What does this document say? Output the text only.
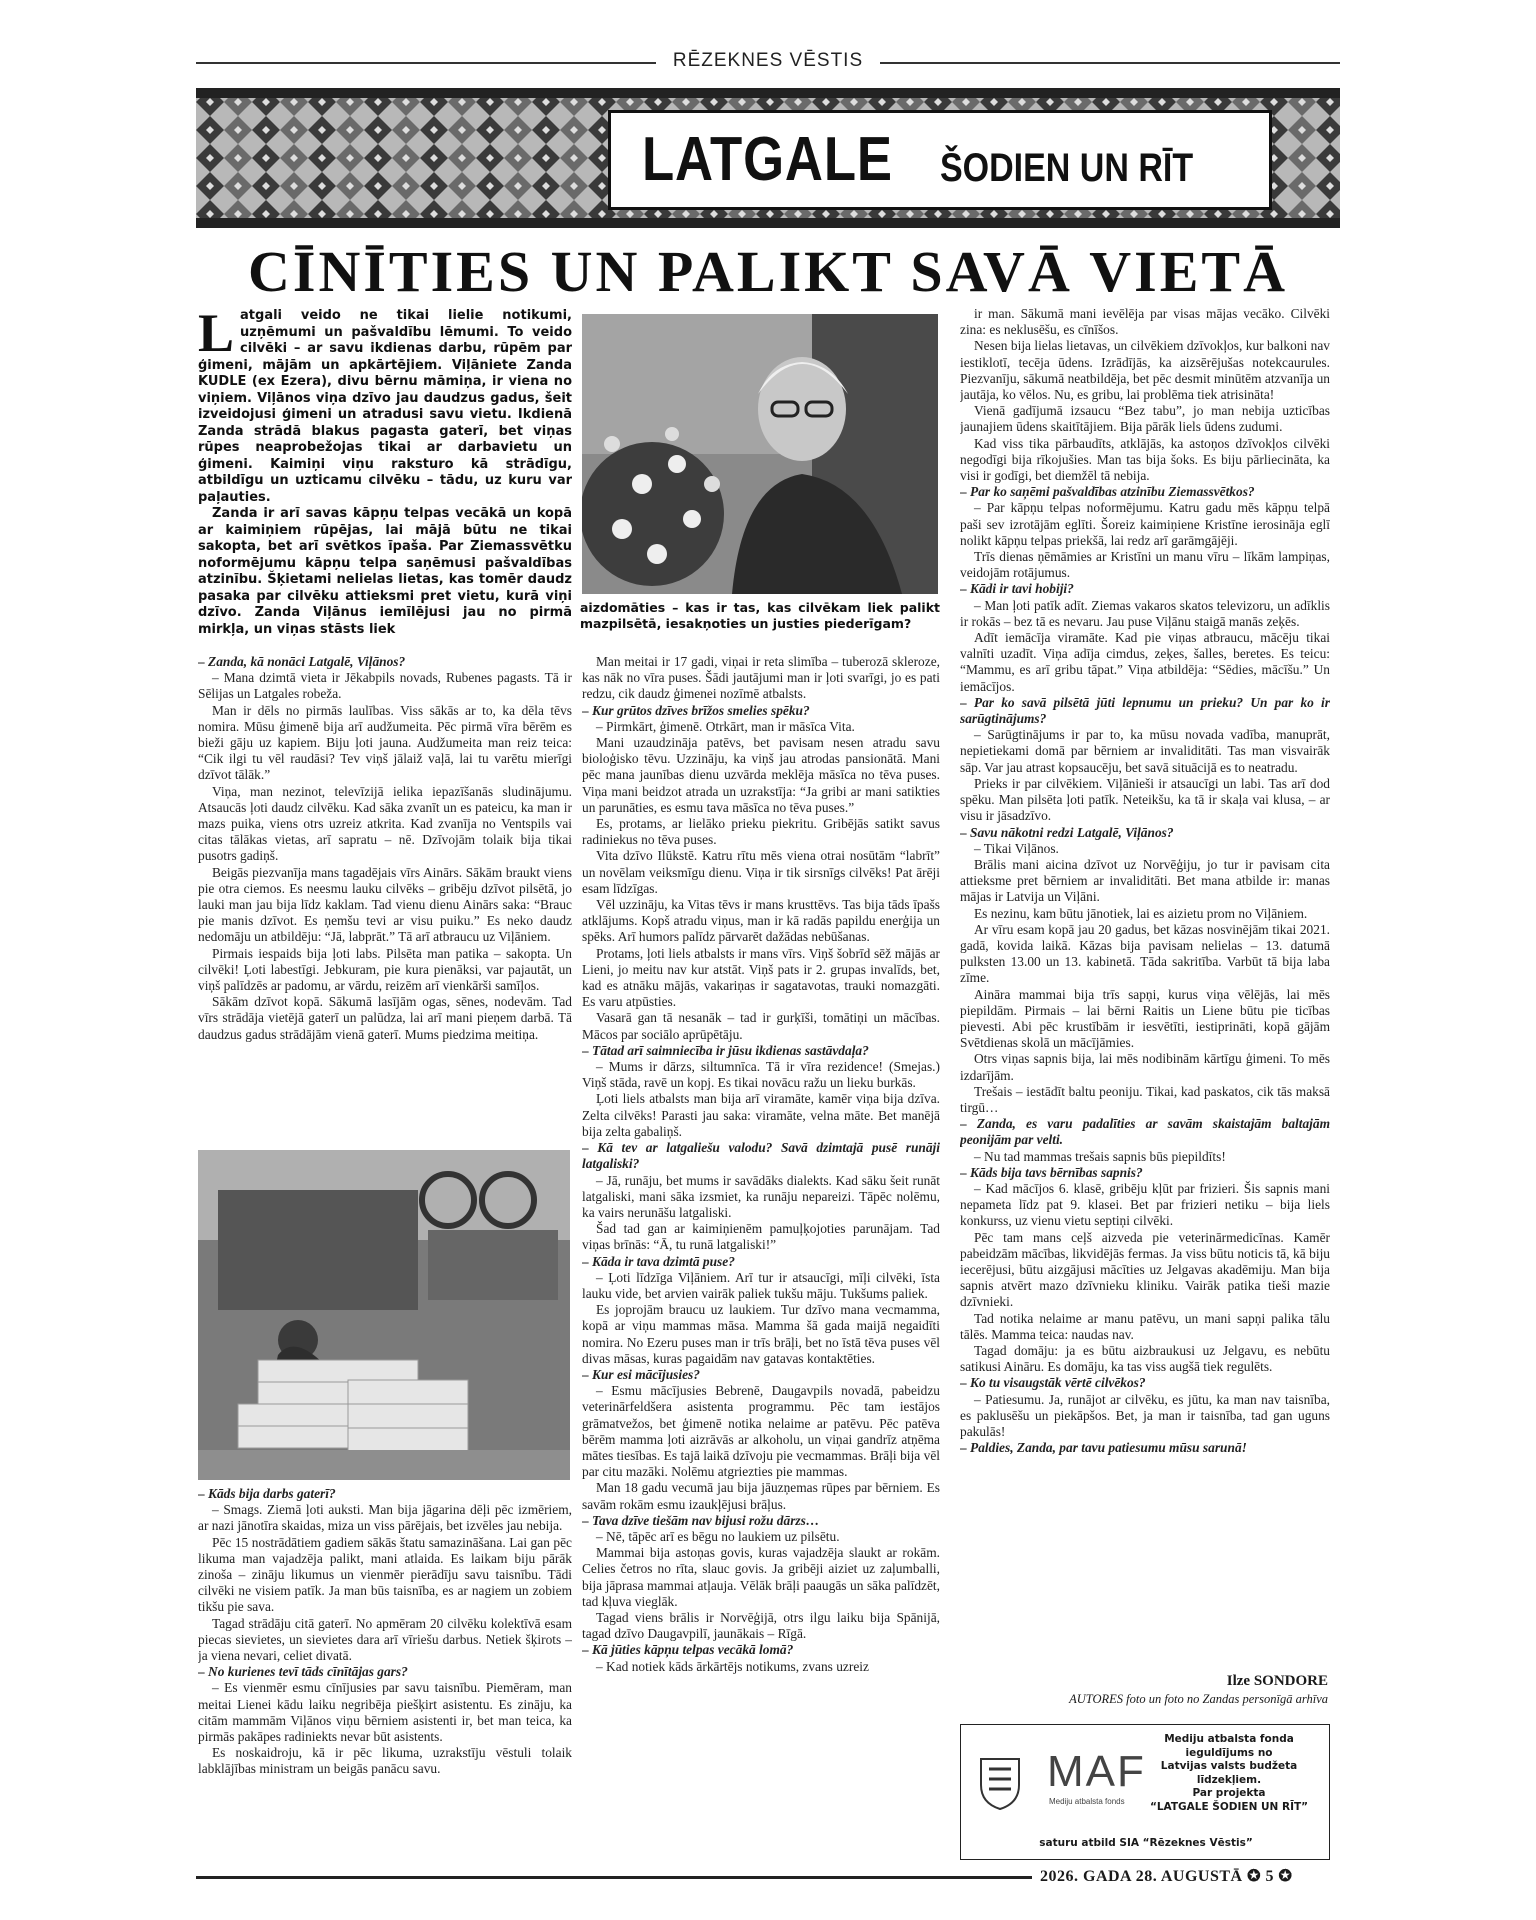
RĒZEKNES VĒSTIS
LATGALE ŠODIEN UN RĪT
CĪNĪTIES UN PALIKT SAVĀ VIETĀ

Latgali veido ne tikai lielie notikumi, uzņēmumi un pašvaldību lēmumi. To veido cilvēki – ar savu ikdienas darbu, rūpēm par ģimeni, mājām un apkārtējiem. Viļāniete Zanda KUDLE (ex Ezera), divu bērnu māmiņa, ir viena no viņiem. Viļānos viņa dzīvo jau daudzus gadus, šeit izveidojusi ģimeni un atradusi savu vietu. Ikdienā Zanda strādā blakus pagasta gaterī, bet viņas rūpes neaprobežojas tikai ar darbavietu un ģimeni. Kaimiņi viņu raksturo kā strādīgu, atbildīgu un uzticamu cilvēku – tādu, uz kuru var paļauties.

Zanda ir arī savas kāpņu telpas vecākā un kopā ar kaimiņiem rūpējas, lai mājā būtu ne tikai sakopta, bet arī svētkos īpaša. Par Ziemassvētku noformējumu kāpņu telpa saņēmusi pašvaldības atzinību. Šķietami nelielas lietas, kas tomēr daudz pasaka par cilvēku attieksmi pret vietu, kurā viņi dzīvo. Zanda Viļānus iemīlējusi jau no pirmā mirkļa, un viņas stāsts liek

aizdomāties – kas ir tas, kas cilvēkam liek palikt mazpilsētā, iesakņoties un justies piederīgam?

– Zanda, kā nonāci Latgalē, Viļānos?

– Mana dzimtā vieta ir Jēkabpils novads, Rubenes pagasts. Tā ir Sēlijas un Latgales robeža.

Man ir dēls no pirmās laulības. Viss sākās ar to, ka dēla tēvs nomira. Mūsu ģimenē bija arī audžumeita. Pēc pirmā vīra bērēm es bieži gāju uz kapiem. Biju ļoti jauna. Audžumeita man reiz teica: “Cik ilgi tu vēl raudāsi? Tev viņš jālaiž vaļā, lai tu varētu mierīgi dzīvot tālāk.”

Viņa, man nezinot, televīzijā ielika iepazīšanās sludinājumu. Atsaucās ļoti daudz cilvēku. Kad sāka zvanīt un es pateicu, ka man ir mazs puika, viens otrs uzreiz atkrita. Kad zvanīja no Ventspils vai citas tālākas vietas, arī sapratu – nē. Dzīvojām tolaik bija tikai pusotrs gadiņš.

Beigās piezvanīja mans tagadējais vīrs Ainārs. Sākām braukt viens pie otra ciemos. Es neesmu lauku cilvēks – gribēju dzīvot pilsētā, jo lauki man jau bija līdz kaklam. Tad vienu dienu Ainārs saka: “Brauc pie manis dzīvot. Es ņemšu tevi ar visu puiku.” Es neko daudz nedomāju un atbildēju: “Jā, labprāt.” Tā arī atbraucu uz Viļāniem.

Pirmais iespaids bija ļoti labs. Pilsēta man patika – sakopta. Un cilvēki! Ļoti labestīgi. Jebkuram, pie kura pienāksi, var pajautāt, un viņš palīdzēs ar padomu, ar vārdu, reizēm arī vienkārši samīļos.

Sākām dzīvot kopā. Sākumā lasījām ogas, sēnes, nodevām. Tad vīrs strādāja vietējā gaterī un palūdza, lai arī mani pieņem darbā. Tā daudzus gadus strādājām vienā gaterī. Mums piedzima meitiņa.

– Kāds bija darbs gaterī?

– Smags. Ziemā ļoti auksti. Man bija jāgarina dēļi pēc izmēriem, ar nazi jānotīra skaidas, miza un viss pārējais, bet izvēles jau nebija.

Pēc 15 nostrādātiem gadiem sākās štatu samazināšana. Lai gan pēc likuma man vajadzēja palikt, mani atlaida. Es laikam biju pārāk zinoša – zināju likumus un vienmēr pierādīju savu taisnību. Tādi cilvēki ne visiem patīk. Ja man būs taisnība, es ar nagiem un zobiem tikšu pie sava.

Tagad strādāju citā gaterī. No apmēram 20 cilvēku kolektīvā esam piecas sievietes, un sievietes dara arī vīriešu darbus. Netiek šķirots – ja viena nevari, celiet divatā.

– No kurienes tevī tāds cīnītājas gars?

– Es vienmēr esmu cīnījusies par savu taisnību. Piemēram, man meitai Lienei kādu laiku negribēja piešķirt asistentu. Es zināju, ka citām mammām Viļānos viņu bērniem asistenti ir, bet man teica, ka pirmās pakāpes radiniekts nevar būt asistents.

Es noskaidroju, kā ir pēc likuma, uzrakstīju vēstuli tolaik labklājības ministram un beigās panācu savu.

Man meitai ir 17 gadi, viņai ir reta slimība – tuberozā skleroze, kas nāk no vīra puses. Šādi jautājumi man ir ļoti svarīgi, jo es pati redzu, cik daudz ģimenei nozīmē atbalsts.

– Kur grūtos dzīves brīžos smelies spēku?

– Pirmkārt, ģimenē. Otrkārt, man ir māsīca Vita.

Mani uzaudzināja patēvs, bet pavisam nesen atradu savu bioloģisko tēvu. Uzzināju, ka viņš jau atrodas pansionātā. Mani pēc mana jaunības dienu uzvārda meklēja māsīca no tēva puses. Viņa mani beidzot atrada un uzrakstīja: “Ja gribi ar mani satikties un parunāties, es esmu tava māsīca no tēva puses.”

Es, protams, ar lielāko prieku piekritu. Gribējās satikt savus radiniekus no tēva puses.

Vita dzīvo Ilūkstē. Katru rītu mēs viena otrai nosūtām “labrīt” un novēlam veiksmīgu dienu. Viņa ir tik sirsnīgs cilvēks! Pat ārēji esam līdzīgas.

Vēl uzzināju, ka Vitas tēvs ir mans krusttēvs. Tas bija tāds īpašs atklājums. Kopš atradu viņus, man ir kā radās papildu enerģija un spēks. Arī humors palīdz pārvarēt dažādas nebūšanas.

Protams, ļoti liels atbalsts ir mans vīrs. Viņš šobrīd sēž mājās ar Lieni, jo meitu nav kur atstāt. Viņš pats ir 2. grupas invalīds, bet, kad es atnāku mājās, vakariņas ir sagatavotas, trauki nomazgāti. Es varu atpūsties.

Vasarā gan tā nesanāk – tad ir gurķīši, tomātiņi un mācības. Mācos par sociālo aprūpētāju.

– Tātad arī saimniecība ir jūsu ikdienas sastāvdaļa?

– Mums ir dārzs, siltumnīca. Tā ir vīra rezidence! (Smejas.) Viņš stāda, ravē un kopj. Es tikai novācu ražu un lieku burkās.

Ļoti liels atbalsts man bija arī viramāte, kamēr viņa bija dzīva. Zelta cilvēks! Parasti jau saka: viramāte, velna māte. Bet manējā bija zelta gabaliņš.

– Kā tev ar latgaliešu valodu? Savā dzimtajā pusē runāji latgaliski?

– Jā, runāju, bet mums ir savādāks dialekts. Kad sāku šeit runāt latgaliski, mani sāka izsmiet, ka runāju nepareizi. Tāpēc nolēmu, ka vairs nerunāšu latgaliski.

Šad tad gan ar kaimiņienēm pamuļķojoties parunājam. Tad viņas brīnās: “Ā, tu runā latgaliski!”

– Kāda ir tava dzimtā puse?

– Ļoti līdzīga Viļāniem. Arī tur ir atsaucīgi, mīļi cilvēki, īsta lauku vide, bet arvien vairāk paliek tukšu māju. Tukšums paliek.

Es joprojām braucu uz laukiem. Tur dzīvo mana vecmamma, kopā ar viņu mammas māsa. Mamma šā gada maijā negaidīti nomira. No Ezeru puses man ir trīs brāļi, bet no īstā tēva puses vēl divas māsas, kuras pagaidām nav gatavas kontaktēties.

– Kur esi mācījusies?

– Esmu mācījusies Bebrenē, Daugavpils novadā, pabeidzu veterinārfeldšera asistenta programmu. Pēc tam iestājos grāmatvežos, bet ģimenē notika nelaime ar patēvu. Pēc patēva bērēm mamma ļoti aizrāvās ar alkoholu, un viņai gandrīz atņēma mātes tiesības. Es tajā laikā dzīvoju pie vecmammas. Brāļi bija vēl par citu mazāki. Nolēmu atgriezties pie mammas.

Man 18 gadu vecumā jau bija jāuzņemas rūpes par bērniem. Es savām rokām esmu izaukļējusi brāļus.

– Tava dzīve tiešām nav bijusi rožu dārzs…

– Nē, tāpēc arī es bēgu no laukiem uz pilsētu.

Mammai bija astoņas govis, kuras vajadzēja slaukt ar rokām. Celies četros no rīta, slauc govis. Ja gribēji aiziet uz zaļumballi, bija jāprasa mammai atļauja. Vēlāk brāļi paaugās un sāka palīdzēt, tad kļuva vieglāk.

Tagad viens brālis ir Norvēģijā, otrs ilgu laiku bija Spānijā, tagad dzīvo Daugavpilī, jaunākais – Rīgā.

– Kā jūties kāpņu telpas vecākā lomā?

– Kad notiek kāds ārkārtējs notikums, zvans uzreiz

ir man. Sākumā mani ievēlēja par visas mājas vecāko. Cilvēki zina: es neklusēšu, es cīnīšos.

Nesen bija lielas lietavas, un cilvēkiem dzīvokļos, kur balkoni nav iestiklotī, tecēja ūdens. Izrādījās, ka aizsērējušas notekcaurules. Piezvanīju, sākumā neatbildēja, bet pēc desmit minūtēm atzvanīja un jautāja, ko vēlos. Nu, es gribu, lai problēma tiek atrisināta!

Vienā gadījumā izsaucu “Bez tabu”, jo man nebija uzticības jaunajiem ūdens skaitītājiem. Bija pārāk liels ūdens zudumi.

Kad viss tika pārbaudīts, atklājās, ka astoņos dzīvokļos cilvēki negodīgi bija rīkojušies. Man tas bija šoks. Es biju pārliecināta, ka visi ir godīgi, bet diemžēl tā nebija.

– Par ko saņēmi pašvaldības atzinību Ziemassvētkos?

– Par kāpņu telpas noformējumu. Katru gadu mēs kāpņu telpā paši sev izrotājām eglīti. Šoreiz kaimiņiene Kristīne ierosināja eglī nolikt kāpņu telpas priekšā, lai redz arī garāmgājēji.

Trīs dienas ņēmāmies ar Kristīni un manu vīru – līkām lampiņas, veidojām rotājumus.

– Kādi ir tavi hobiji?

– Man ļoti patīk adīt. Ziemas vakaros skatos televizoru, un adīklis ir rokās – bez tā es nevaru. Jau puse Viļānu staigā manās zeķēs.

Adīt iemācīja viramāte. Kad pie viņas atbraucu, mācēju tikai valnīti uzadīt. Viņa adīja cimdus, zeķes, šalles, beretes. Es teicu: “Mammu, es arī gribu tāpat.” Viņa atbildēja: “Sēdies, mācīšu.” Un iemācījos.

– Par ko savā pilsētā jūti lepnumu un prieku? Un par ko ir sarūgtinājums?

– Sarūgtinājums ir par to, ka mūsu novada vadība, manuprāt, nepietiekami domā par bērniem ar invaliditāti. Tas man visvairāk sāp. Var jau atrast kopsaucēju, bet savā situācijā es to neatradu.

Prieks ir par cilvēkiem. Viļānieši ir atsaucīgi un labi. Tas arī dod spēku. Man pilsēta ļoti patīk. Neteikšu, ka tā ir skaļa vai klusa, – ar visu ir jāsadzīvo.

– Savu nākotni redzi Latgalē, Viļānos?

– Tikai Viļānos.

Brālis mani aicina dzīvot uz Norvēģiju, jo tur ir pavisam cita attieksme pret bērniem ar invaliditāti. Bet mana atbilde ir: manas mājas ir Latvija un Viļāni.

Es nezinu, kam būtu jānotiek, lai es aizietu prom no Viļāniem.

Ar vīru esam kopā jau 20 gadus, bet kāzas nosvinējām tikai 2021. gadā, kovida laikā. Kāzas bija pavisam nelielas – 13. datumā pulksten 13.00 un 13. kabinetā. Tāda sakritība. Varbūt tā bija laba zīme.

Aināra mammai bija trīs sapņi, kurus viņa vēlējās, lai mēs piepildām. Pirmais – lai bērni Raitis un Liene būtu pie ticības pievesti. Abi pēc krustībām ir iesvētīti, iestiprināti, kopā gājām Svētdienas skolā un mācījāmies.

Otrs viņas sapnis bija, lai mēs nodibinām kārtīgu ģimeni. To mēs izdarījām.

Trešais – iestādīt baltu peoniju. Tikai, kad paskatos, cik tās maksā tirgū…

– Zanda, es varu padalīties ar savām skaistajām baltajām peonijām par velti.

– Nu tad mammas trešais sapnis būs piepildīts!

– Kāds bija tavs bērnības sapnis?

– Kad mācījos 6. klasē, gribēju kļūt par frizieri. Šis sapnis mani nepameta līdz pat 9. klasei. Bet par frizieri netiku – bija liels konkurss, uz vienu vietu septiņi cilvēki.

Pēc tam mans ceļš aizveda pie veterinārmedicīnas. Kamēr pabeidzām mācības, likvidējās fermas. Ja viss būtu noticis tā, kā biju iecerējusi, būtu aizgājusi mācīties uz Jelgavas akadēmiju. Man bija sapnis atvērt mazo dzīvnieku kliniku. Vairāk patika tieši mazie dzīvnieki.

Tad notika nelaime ar manu patēvu, un mani sapņi palika tālu tālēs. Mamma teica: naudas nav.

Tagad domāju: ja es būtu aizbraukusi uz Jelgavu, es nebūtu satikusi Aināru. Es domāju, ka tas viss augšā tiek regulēts.

– Ko tu visaugstāk vērtē cilvēkos?

– Patiesumu. Ja, runājot ar cilvēku, es jūtu, ka man nav taisnība, es paklusēšu un piekāpšos. Bet, ja man ir taisnība, tad gan uguns pakulās!

– Paldies, Zanda, par tavu patiesumu mūsu sarunā!

Ilze SONDORE
AUTORES foto un foto no Zandas personīgā arhīva
MAF
Mediju atbalsta fonds
Mediju atbalsta fonda
ieguldījums no
Latvijas valsts budžeta
līdzekļiem.
Par projekta
“LATGALE ŠODIEN UN RĪT”
saturu atbild SIA “Rēzeknes Vēstis”
2026. GADA 28. AUGUSTĀ ✪ 5 ✪
